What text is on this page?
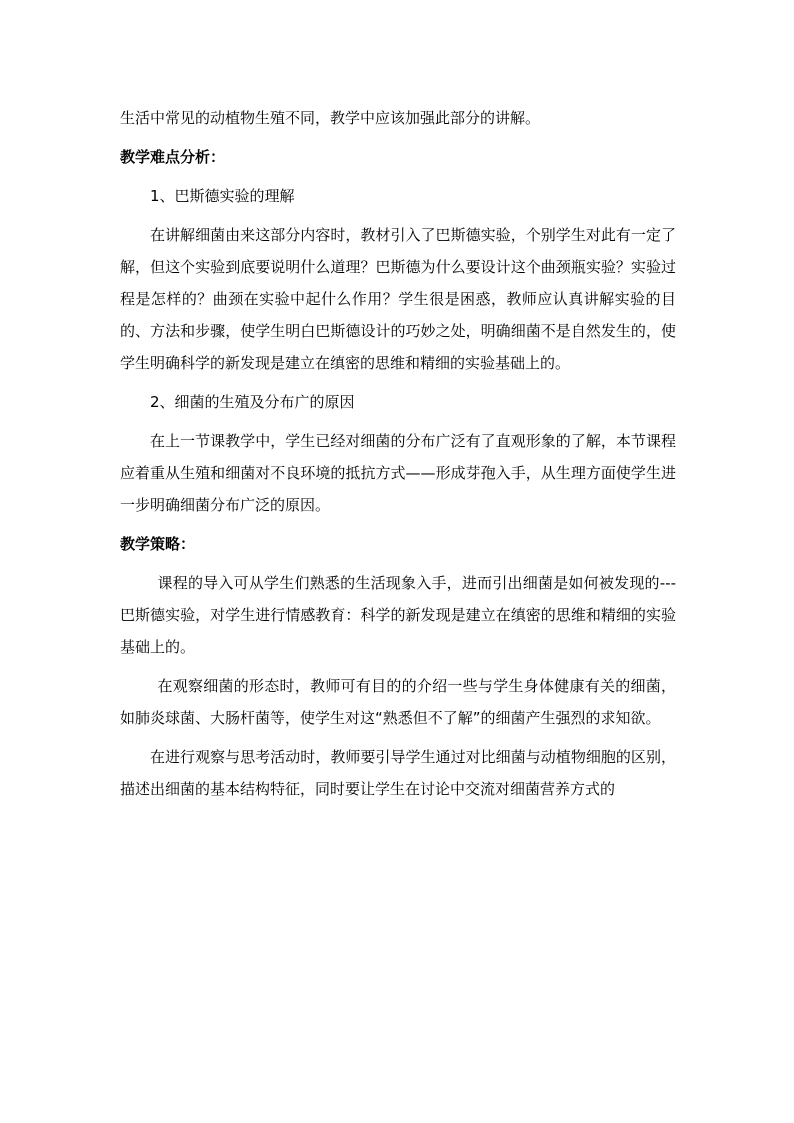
生活中常见的动植物生殖不同，教学中应该加强此部分的讲解。

教学难点分析：

1、巴斯德实验的理解

在讲解细菌由来这部分内容时，教材引入了巴斯德实验，个别学生对此有一定了解，但这个实验到底要说明什么道理？巴斯德为什么要设计这个曲颈瓶实验？实验过程是怎样的？曲颈在实验中起什么作用？学生很是困惑，教师应认真讲解实验的目的、方法和步骤，使学生明白巴斯德设计的巧妙之处，明确细菌不是自然发生的，使学生明确科学的新发现是建立在缜密的思维和精细的实验基础上的。

2、细菌的生殖及分布广的原因

在上一节课教学中，学生已经对细菌的分布广泛有了直观形象的了解，本节课程应着重从生殖和细菌对不良环境的抵抗方式——形成芽孢入手，从生理方面使学生进一步明确细菌分布广泛的原因。

教学策略：

课程的导入可从学生们熟悉的生活现象入手，进而引出细菌是如何被发现的---巴斯德实验，对学生进行情感教育：科学的新发现是建立在缜密的思维和精细的实验基础上的。

在观察细菌的形态时，教师可有目的的介绍一些与学生身体健康有关的细菌，如肺炎球菌、大肠杆菌等，使学生对这“熟悉但不了解”的细菌产生强烈的求知欲。

在进行观察与思考活动时，教师要引导学生通过对比细菌与动植物细胞的区别，描述出细菌的基本结构特征，同时要让学生在讨论中交流对细菌营养方式的
